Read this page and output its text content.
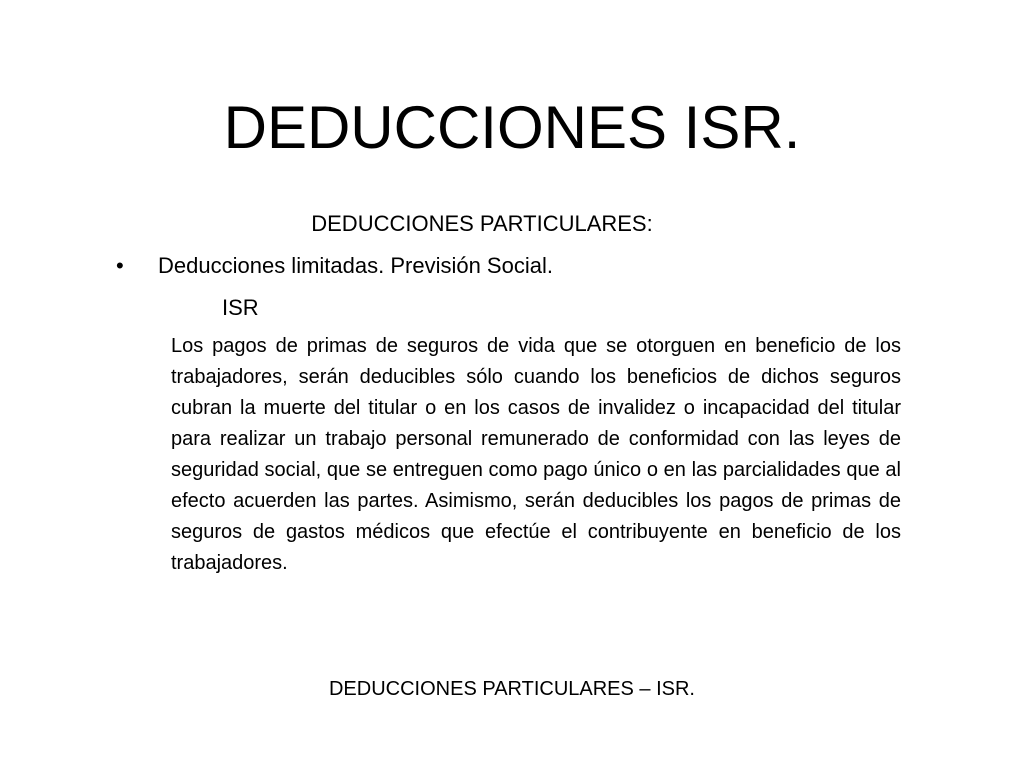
DEDUCCIONES ISR.
DEDUCCIONES PARTICULARES:
•	Deducciones limitadas. Previsión Social.
ISR
Los pagos de primas de seguros de vida que se otorguen en beneficio de los trabajadores, serán deducibles sólo cuando los beneficios de dichos seguros cubran la muerte del titular o en los casos de invalidez o incapacidad del titular para realizar un trabajo personal remunerado de conformidad con las leyes de seguridad social, que se entreguen como pago único o en las parcialidades que al efecto acuerden las partes. Asimismo, serán deducibles los pagos de primas de seguros de gastos médicos que efectúe el contribuyente en beneficio de los trabajadores.
DEDUCCIONES PARTICULARES – ISR.
